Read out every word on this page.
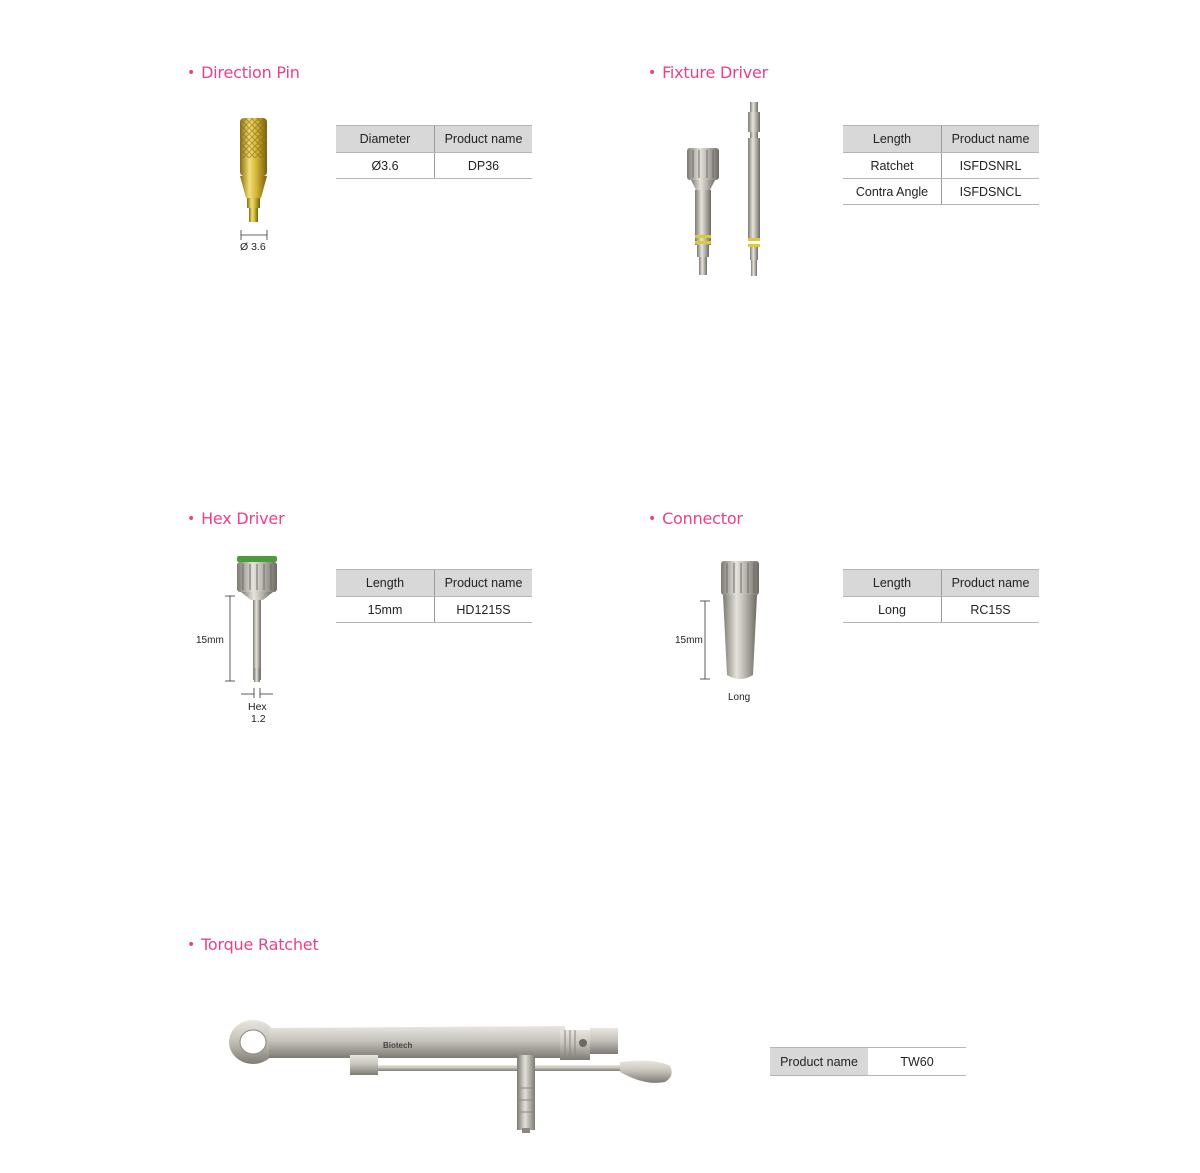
• Direction Pin
Ø 3.6
Diameter	Product name
Ø3.6	DP36
• Fixture Driver
Length	Product name
Ratchet	ISFDSNRL
Contra Angle	ISFDSNCL
• Hex Driver
15mm
Hex
1.2
Length	Product name
15mm	HD1215S
• Connector
15mm
Long
Length	Product name
Long	RC15S
• Torque Ratchet
Biotech
Product name	TW60
